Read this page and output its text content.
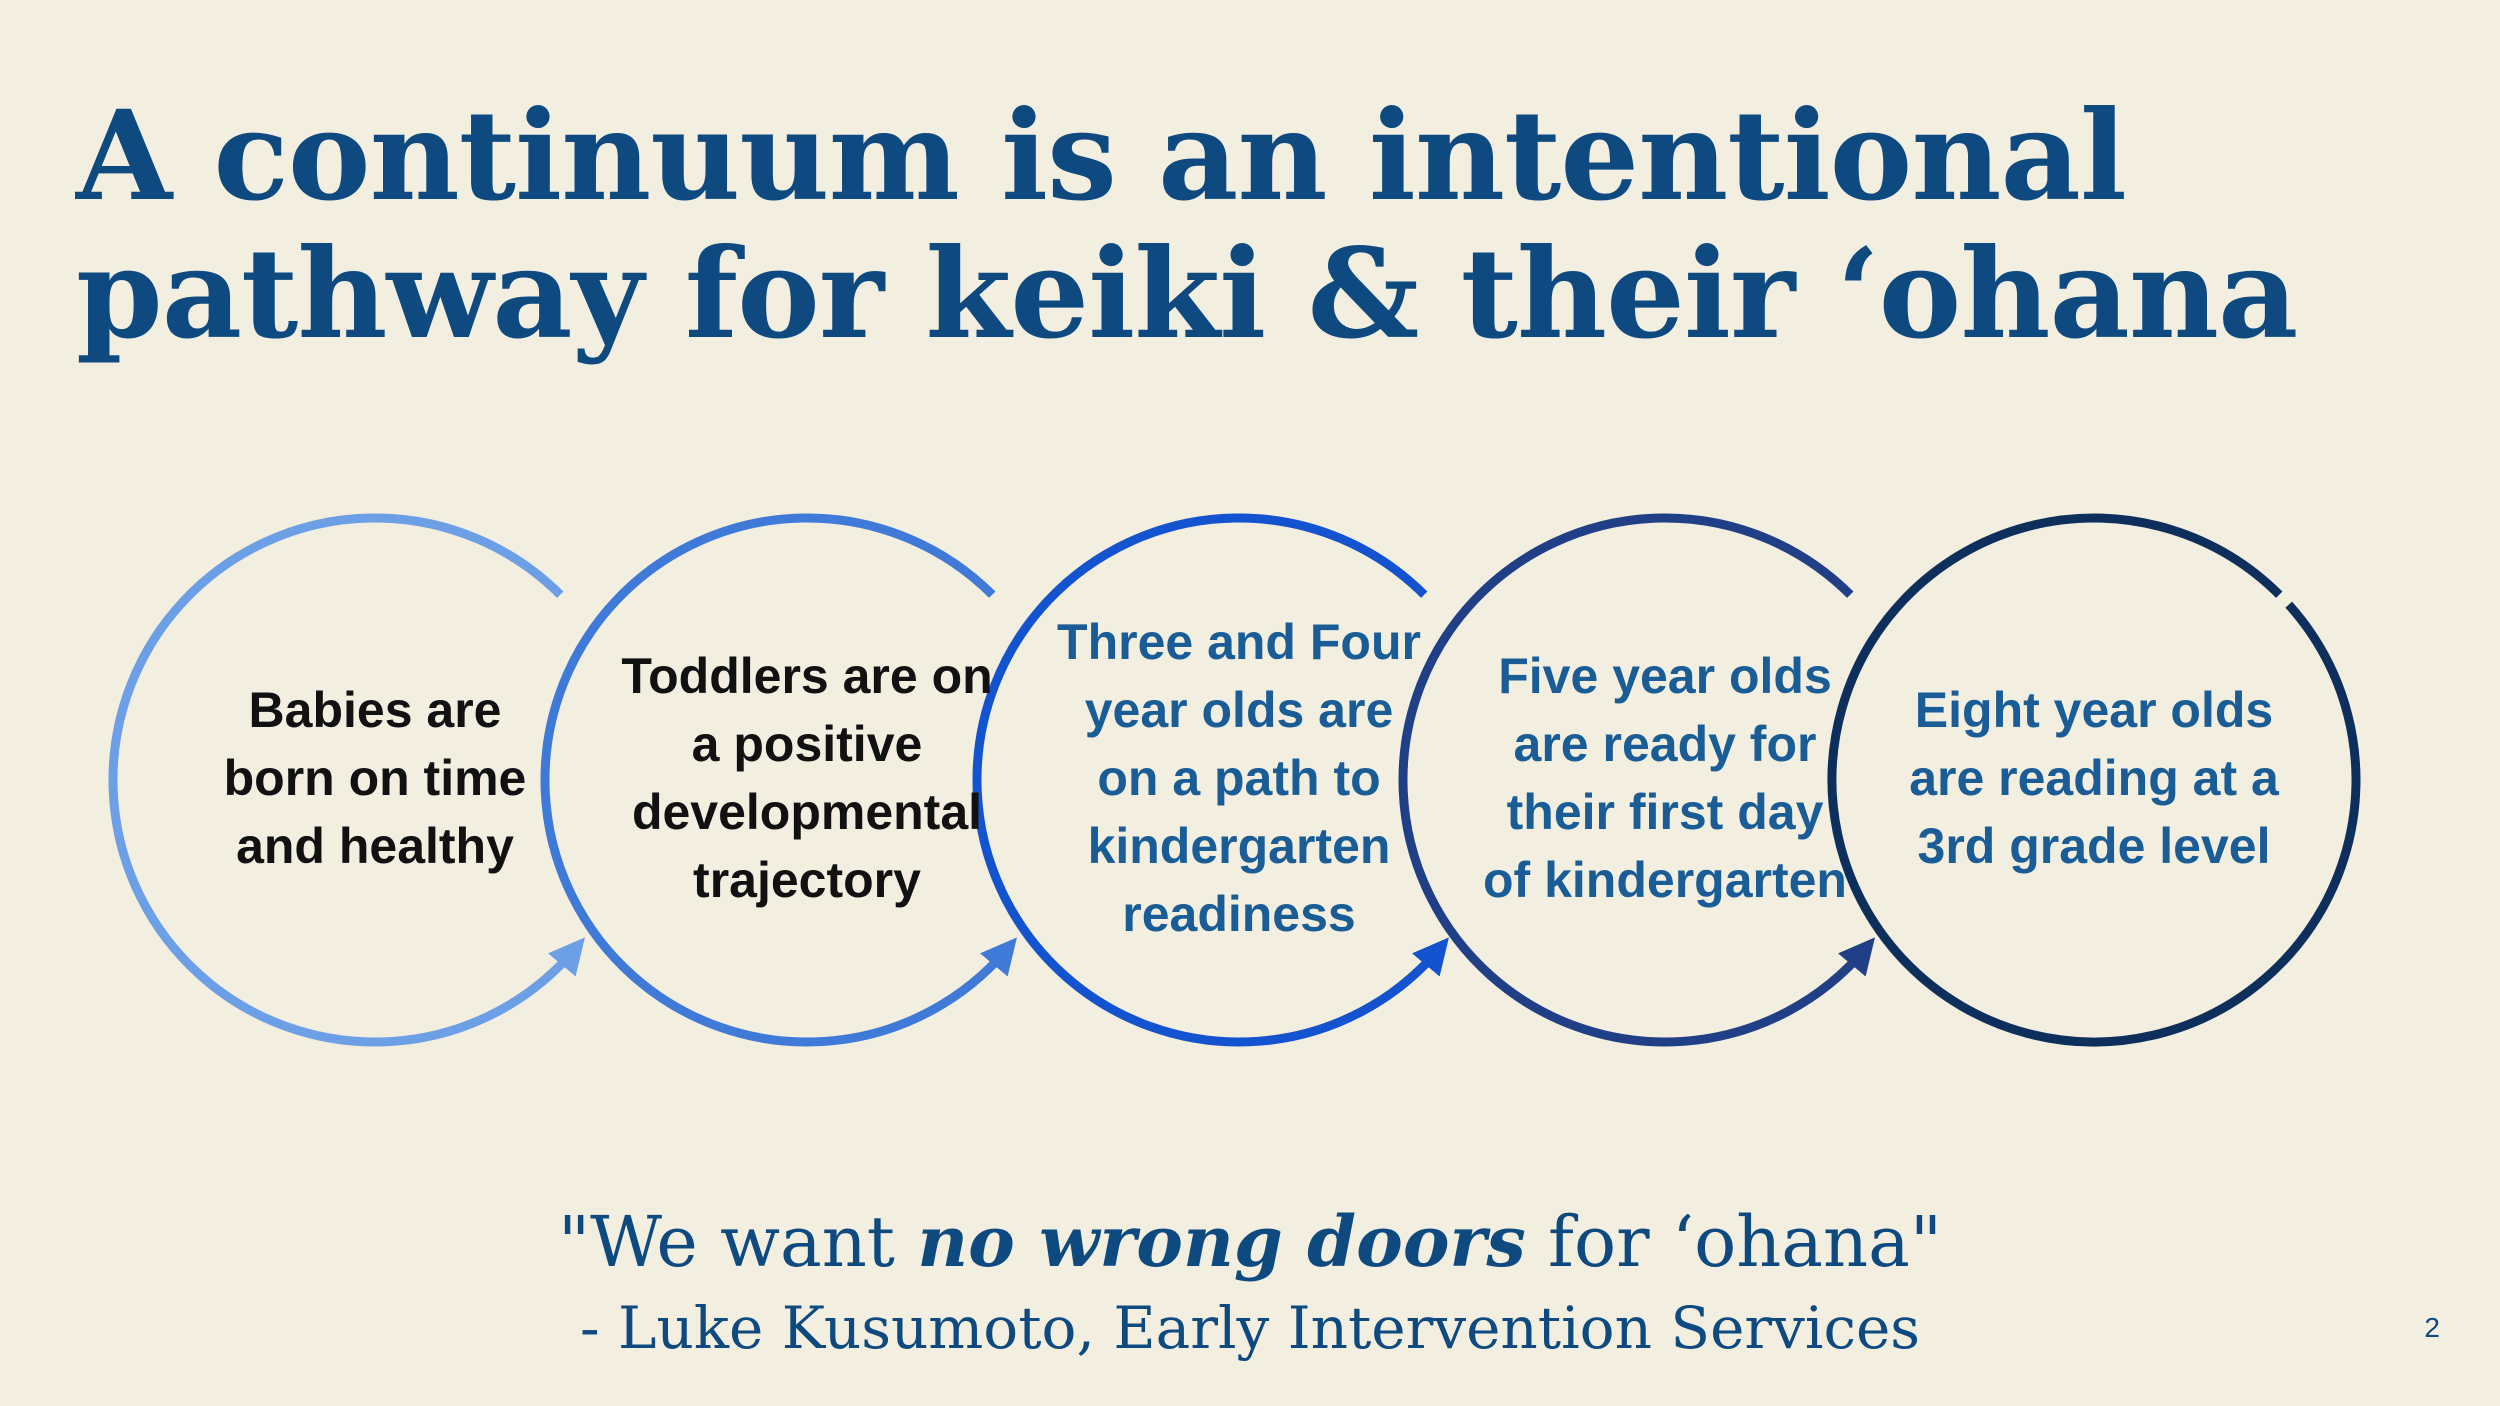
A continuum is an intentional
pathway for keiki & their ‘ohana
Babies are
born on time
and healthy
Toddlers are on
a positive
developmental
trajectory
Three and Four
year olds are
on a path to
kindergarten
readiness
Five year olds
are ready for
their first day
of kindergarten
Eight year olds
are reading at a
3rd grade level
"We want no wrong doors for ‘ohana"
- Luke Kusumoto, Early Intervention Services	2
